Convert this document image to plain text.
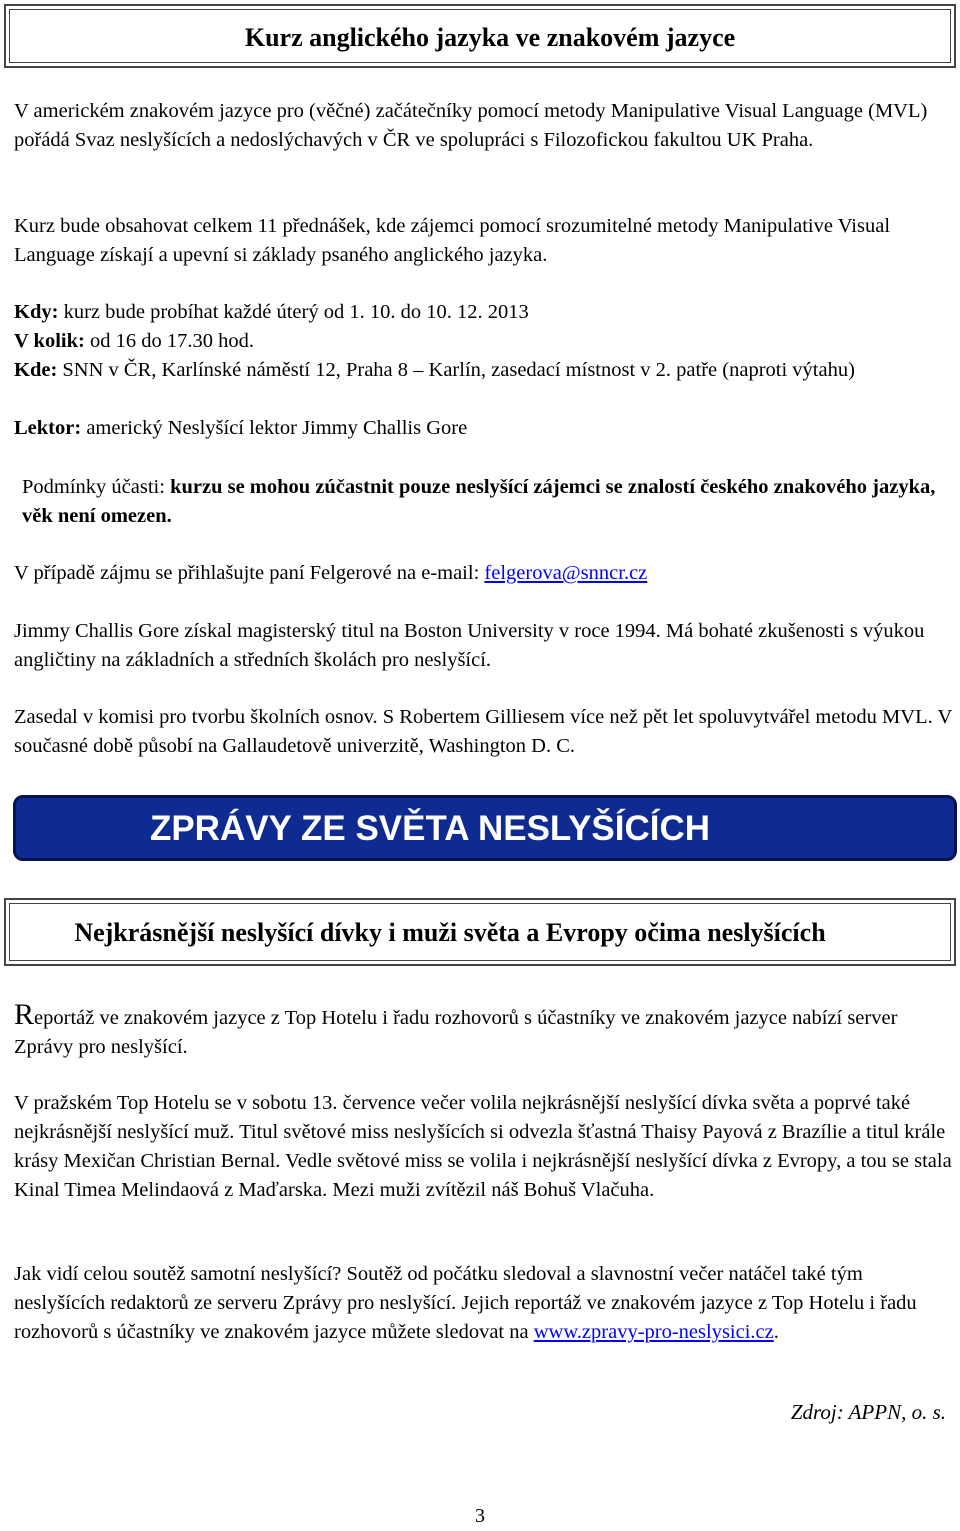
Kurz anglického jazyka ve znakovém jazyce

V americkém znakovém jazyce pro (věčné) začátečníky pomocí metody Manipulative Visual Language (MVL) pořádá Svaz neslyšících a nedoslýchavých v ČR ve spolupráci s Filozofickou fakultou UK Praha.

Kurz bude obsahovat celkem 11 přednášek, kde zájemci pomocí srozumitelné metody Manipulative Visual Language získají a upevní si základy psaného anglického jazyka.

Kdy: kurz bude probíhat každé úterý od 1. 10. do 10. 12. 2013

V kolik: od 16 do 17.30 hod.

Kde: SNN v ČR, Karlínské náměstí 12, Praha 8 – Karlín, zasedací místnost v 2. patře (naproti výtahu)

Lektor: americký Neslyšící lektor Jimmy Challis Gore

Podmínky účasti: kurzu se mohou zúčastnit pouze neslyšící zájemci se znalostí českého znakového jazyka, věk není omezen.

V případě zájmu se přihlašujte paní Felgerové na e-mail: felgerova@snncr.cz

Jimmy Challis Gore získal magisterský titul na Boston University v roce 1994. Má bohaté zkušenosti s výukou angličtiny na základních a středních školách pro neslyšící.

Zasedal v komisi pro tvorbu školních osnov. S Robertem Gilliesem více než pět let spoluvytvářel metodu MVL. V současné době působí na Gallaudetově univerzitě, Washington D. C.

ZPRÁVY ZE SVĚTA NESLYŠÍCÍCH
Nejkrásnější neslyšící dívky i muži světa a Evropy očima neslyšících

Reportáž ve znakovém jazyce z Top Hotelu i řadu rozhovorů s účastníky ve znakovém jazyce nabízí server Zprávy pro neslyšící.

V pražském Top Hotelu se v sobotu 13. července večer volila nejkrásnější neslyšící dívka světa a poprvé také nejkrásnější neslyšící muž. Titul světové miss neslyšících si odvezla šťastná Thaisy Payová z Brazílie a titul krále krásy Mexičan Christian Bernal. Vedle světové miss se volila i nejkrásnější neslyšící dívka z Evropy, a tou se stala Kinal Timea Melindaová z Maďarska. Mezi muži zvítězil náš Bohuš Vlačuha.

Jak vidí celou soutěž samotní neslyšící? Soutěž od počátku sledoval a slavnostní večer natáčel také tým neslyšících redaktorů ze serveru Zprávy pro neslyšící. Jejich reportáž ve znakovém jazyce z Top Hotelu i řadu rozhovorů s účastníky ve znakovém jazyce můžete sledovat na www.zpravy-pro-neslysici.cz.

Zdroj: APPN, o. s.
3
